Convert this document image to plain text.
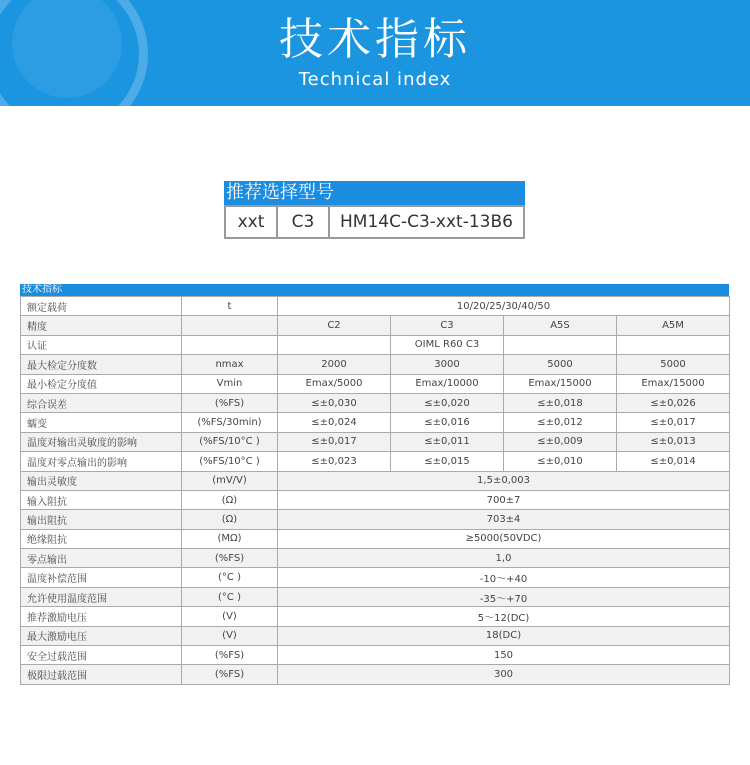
技术指标
Technical index
推荐选择型号
xxt	C3	HM14C-C3-xxt-13B6
技术指标
额定载荷	t	10/20/25/30/40/50			
精度		C2	C3	A5S	A5M
认证			OIML R60 C3		
最大检定分度数	nmax	2000	3000	5000	5000
最小检定分度值	Vmin	Emax/5000	Emax/10000	Emax/15000	Emax/15000
综合误差	(%FS)	≤±0,030	≤±0,020	≤±0,018	≤±0,026
蠕变	(%FS/30min)	≤±0,024	≤±0,016	≤±0,012	≤±0,017
温度对输出灵敏度的影响	(%FS/10°C )	≤±0,017	≤±0,011	≤±0,009	≤±0,013
温度对零点输出的影响	(%FS/10°C )	≤±0,023	≤±0,015	≤±0,010	≤±0,014
输出灵敏度	(mV/V)	1,5±0,003			
输入阻抗	(Ω)	700±7			
输出阻抗	(Ω)	703±4			
绝缘阻抗	(MΩ)	≥5000(50VDC)			
零点输出	(%FS)	1,0			
温度补偿范围	(°C )	-10～+40			
允许使用温度范围	(°C )	-35～+70			
推荐激励电压	(V)	5～12(DC)			
最大激励电压	(V)	18(DC)			
安全过载范围	(%FS)	150			
极限过载范围	(%FS)	300			
